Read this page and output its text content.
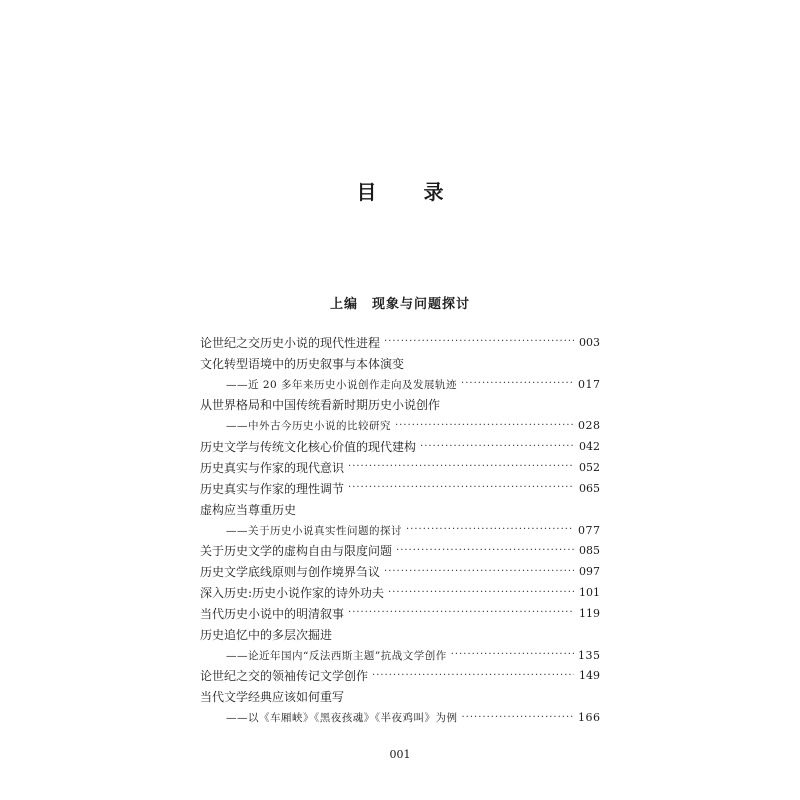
目 录
上编 现象与问题探讨
论世纪之交历史小说的现代性进程 ·····	003
文化转型语境中的历史叙事与本体演变
——近 20 多年来历史小说创作走向及发展轨迹 ·····	017
从世界格局和中国传统看新时期历史小说创作
——中外古今历史小说的比较研究 ·····	028
历史文学与传统文化核心价值的现代建构 ·····	042
历史真实与作家的现代意识 ·····	052
历史真实与作家的理性调节 ·····	065
虚构应当尊重历史
——关于历史小说真实性问题的探讨 ·····	077
关于历史文学的虚构自由与限度问题 ·····	085
历史文学底线原则与创作境界刍议 ·····	097
深入历史:历史小说作家的诗外功夫 ·····	101
当代历史小说中的明清叙事 ·····	119
历史追忆中的多层次掘进
——论近年国内“反法西斯主题”抗战文学创作 ·····	135
论世纪之交的领袖传记文学创作 ·····	149
当代文学经典应该如何重写
——以《车厢峡》《黑夜孩魂》《半夜鸡叫》为例 ·····	166
001
